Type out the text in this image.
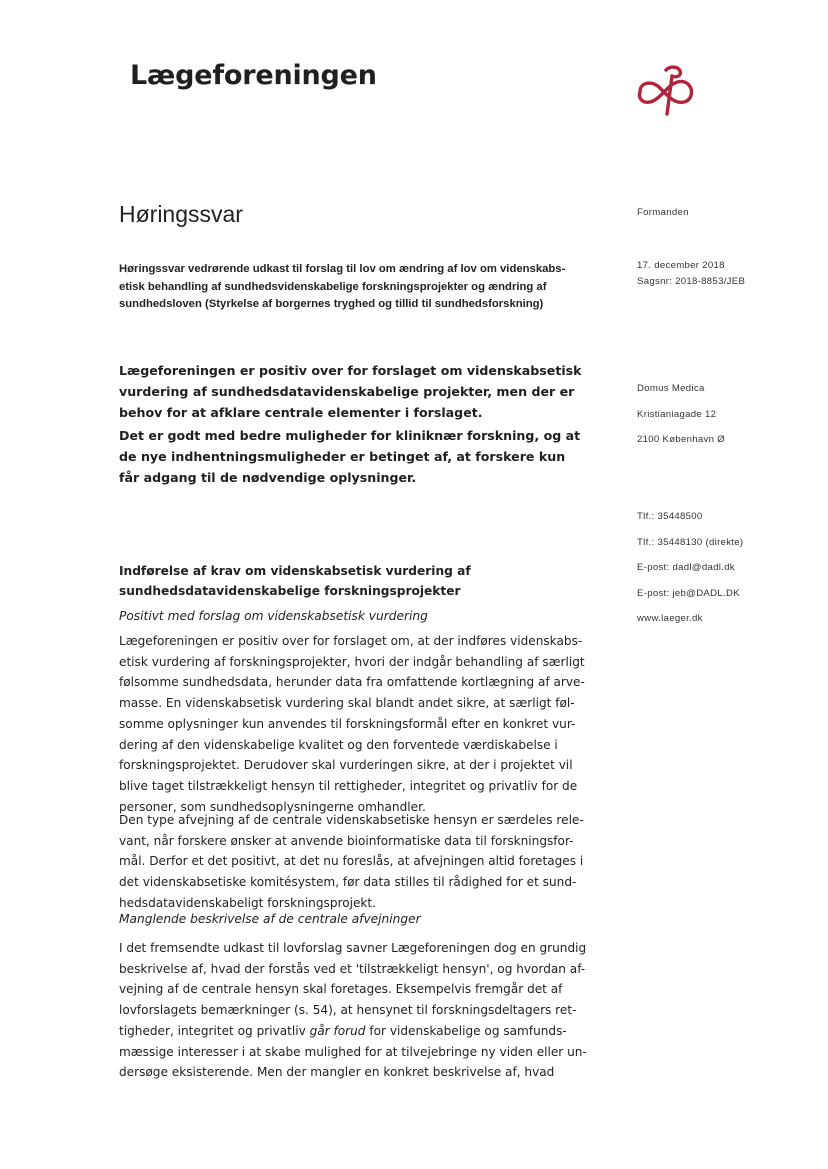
Lægeforeningen
Høringssvar
Høringssvar vedrørende udkast til forslag til lov om ændring af lov om videnskabs-etisk behandling af sundhedsvidenskabelige forskningsprojekter og ændring af sundhedsloven (Styrkelse af borgernes tryghed og tillid til sundhedsforskning)
Lægeforeningen er positiv over for forslaget om videnskabsetisk vurdering af sundhedsdatavidenskabelige projekter, men der er behov for at afklare centrale elementer i forslaget.
Det er godt med bedre muligheder for kliniknær forskning, og at de nye indhentningsmuligheder er betinget af, at forskere kun får adgang til de nødvendige oplysninger.
Indførelse af krav om videnskabsetisk vurdering af sundhedsdatavidenskabelige forskningsprojekter
Positivt med forslag om videnskabsetisk vurdering
Lægeforeningen er positiv over for forslaget om, at der indføres videnskabs-
etisk vurdering af forskningsprojekter, hvori der indgår behandling af særligt
følsomme sundhedsdata, herunder data fra omfattende kortlægning af arve-
masse. En videnskabsetisk vurdering skal blandt andet sikre, at særligt føl-
somme oplysninger kun anvendes til forskningsformål efter en konkret vur-
dering af den videnskabelige kvalitet og den forventede værdiskabelse i
forskningsprojektet. Derudover skal vurderingen sikre, at der i projektet vil
blive taget tilstrækkeligt hensyn til rettigheder, integritet og privatliv for de
personer, som sundhedsoplysningerne omhandler.
Den type afvejning af de centrale videnskabsetiske hensyn er særdeles rele-
vant, når forskere ønsker at anvende bioinformatiske data til forskningsfor-
mål. Derfor et det positivt, at det nu foreslås, at afvejningen altid foretages i
det videnskabsetiske komitésystem, før data stilles til rådighed for et sund-
hedsdatavidenskabeligt forskningsprojekt.
Manglende beskrivelse af de centrale afvejninger
I det fremsendte udkast til lovforslag savner Lægeforeningen dog en grundig
beskrivelse af, hvad der forstås ved et 'tilstrækkeligt hensyn', og hvordan af-
vejning af de centrale hensyn skal foretages. Eksempelvis fremgår det af
lovforslagets bemærkninger (s. 54), at hensynet til forskningsdeltagers ret-
tigheder, integritet og privatliv går forud for videnskabelige og samfunds-
mæssige interesser i at skabe mulighed for at tilvejebringe ny viden eller un-
dersøge eksisterende. Men der mangler en konkret beskrivelse af, hvad
Formanden
17. december 2018
Sagsnr: 2018-8853/JEB
Domus Medica
Kristianiagade 12
2100 København Ø
Tlf.: 35448500
Tlf.: 35448130 (direkte)
E-post: dadl@dadl.dk
E-post: jeb@DADL.DK
www.laeger.dk
